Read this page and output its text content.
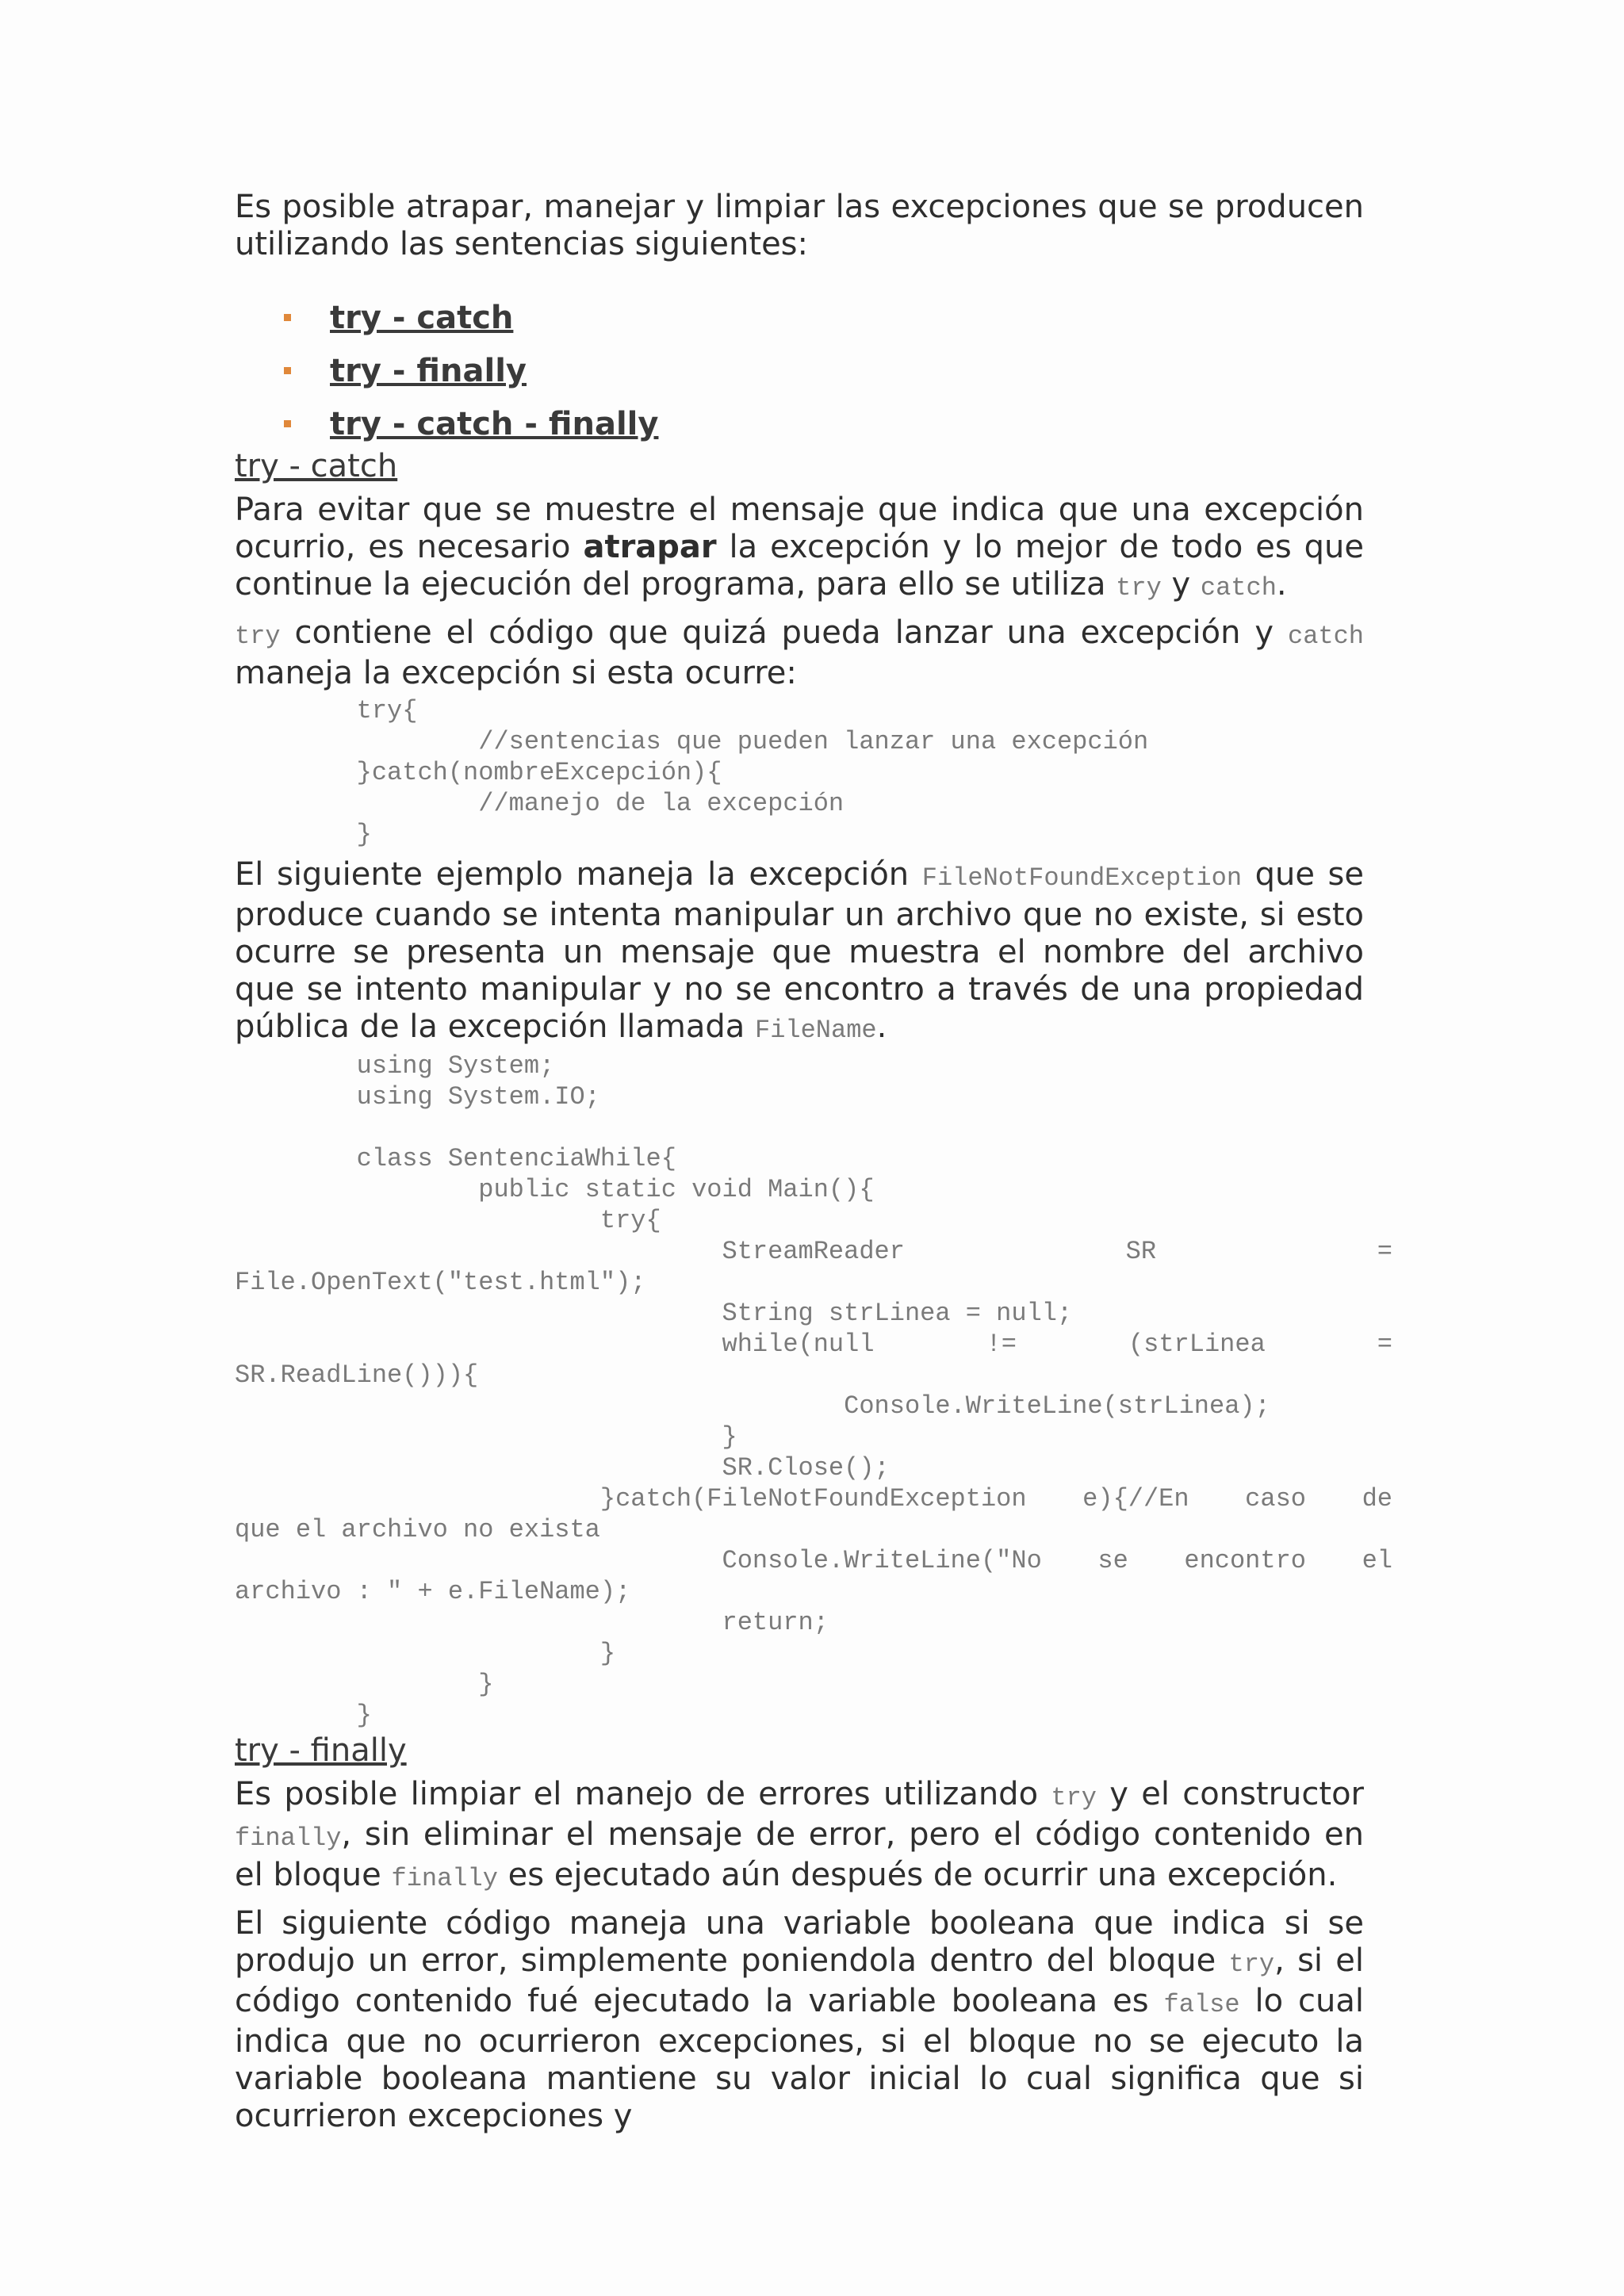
Es posible atrapar, manejar y limpiar las excepciones que se producen
utilizando las sentencias siguientes:

try - catch
try - finally
try - catch - finally

try - catch

Para evitar que se muestre el mensaje que indica que una excepción ocurrio, es necesario atrapar la excepción y lo mejor de todo es que continue la ejecución del programa, para ello se utiliza try y catch.

try contiene el código que quizá pueda lanzar una excepción y catch maneja la excepción si esta ocurre:

try{
//sentencias que pueden lanzar una excepción
}catch(nombreExcepción){
//manejo de la excepción
}

El siguiente ejemplo maneja la excepción FileNotFoundException que se produce cuando se intenta manipular un archivo que no existe, si esto ocurre se presenta un mensaje que muestra el nombre del archivo que se intento manipular y no se encontro a través de una propiedad pública de la excepción llamada FileName.

using System;
using System.IO;

class SentenciaWhile{
public static void Main(){
try{

StreamReader	SR	=
File.OpenText("test.html");
String strLinea = null;

while(null	!=	(strLinea	=
SR.ReadLine())){
Console.WriteLine(strLinea);
}
SR.Close();

}catch(FileNotFoundException e){//En caso de
que el archivo no exista

Console.WriteLine("No se encontro el
archivo : " + e.FileName);
return;
}
}
}

try - finally

Es posible limpiar el manejo de errores utilizando try y el constructor finally, sin eliminar el mensaje de error, pero el código contenido en el bloque finally es ejecutado aún después de ocurrir una excepción.

El siguiente código maneja una variable booleana que indica si se produjo un error, simplemente poniendola dentro del bloque try, si el código contenido fué ejecutado la variable booleana es false lo cual indica que no ocurrieron excepciones, si el bloque no se ejecuto la variable booleana mantiene su valor inicial lo cual significa que si ocurrieron excepciones y
